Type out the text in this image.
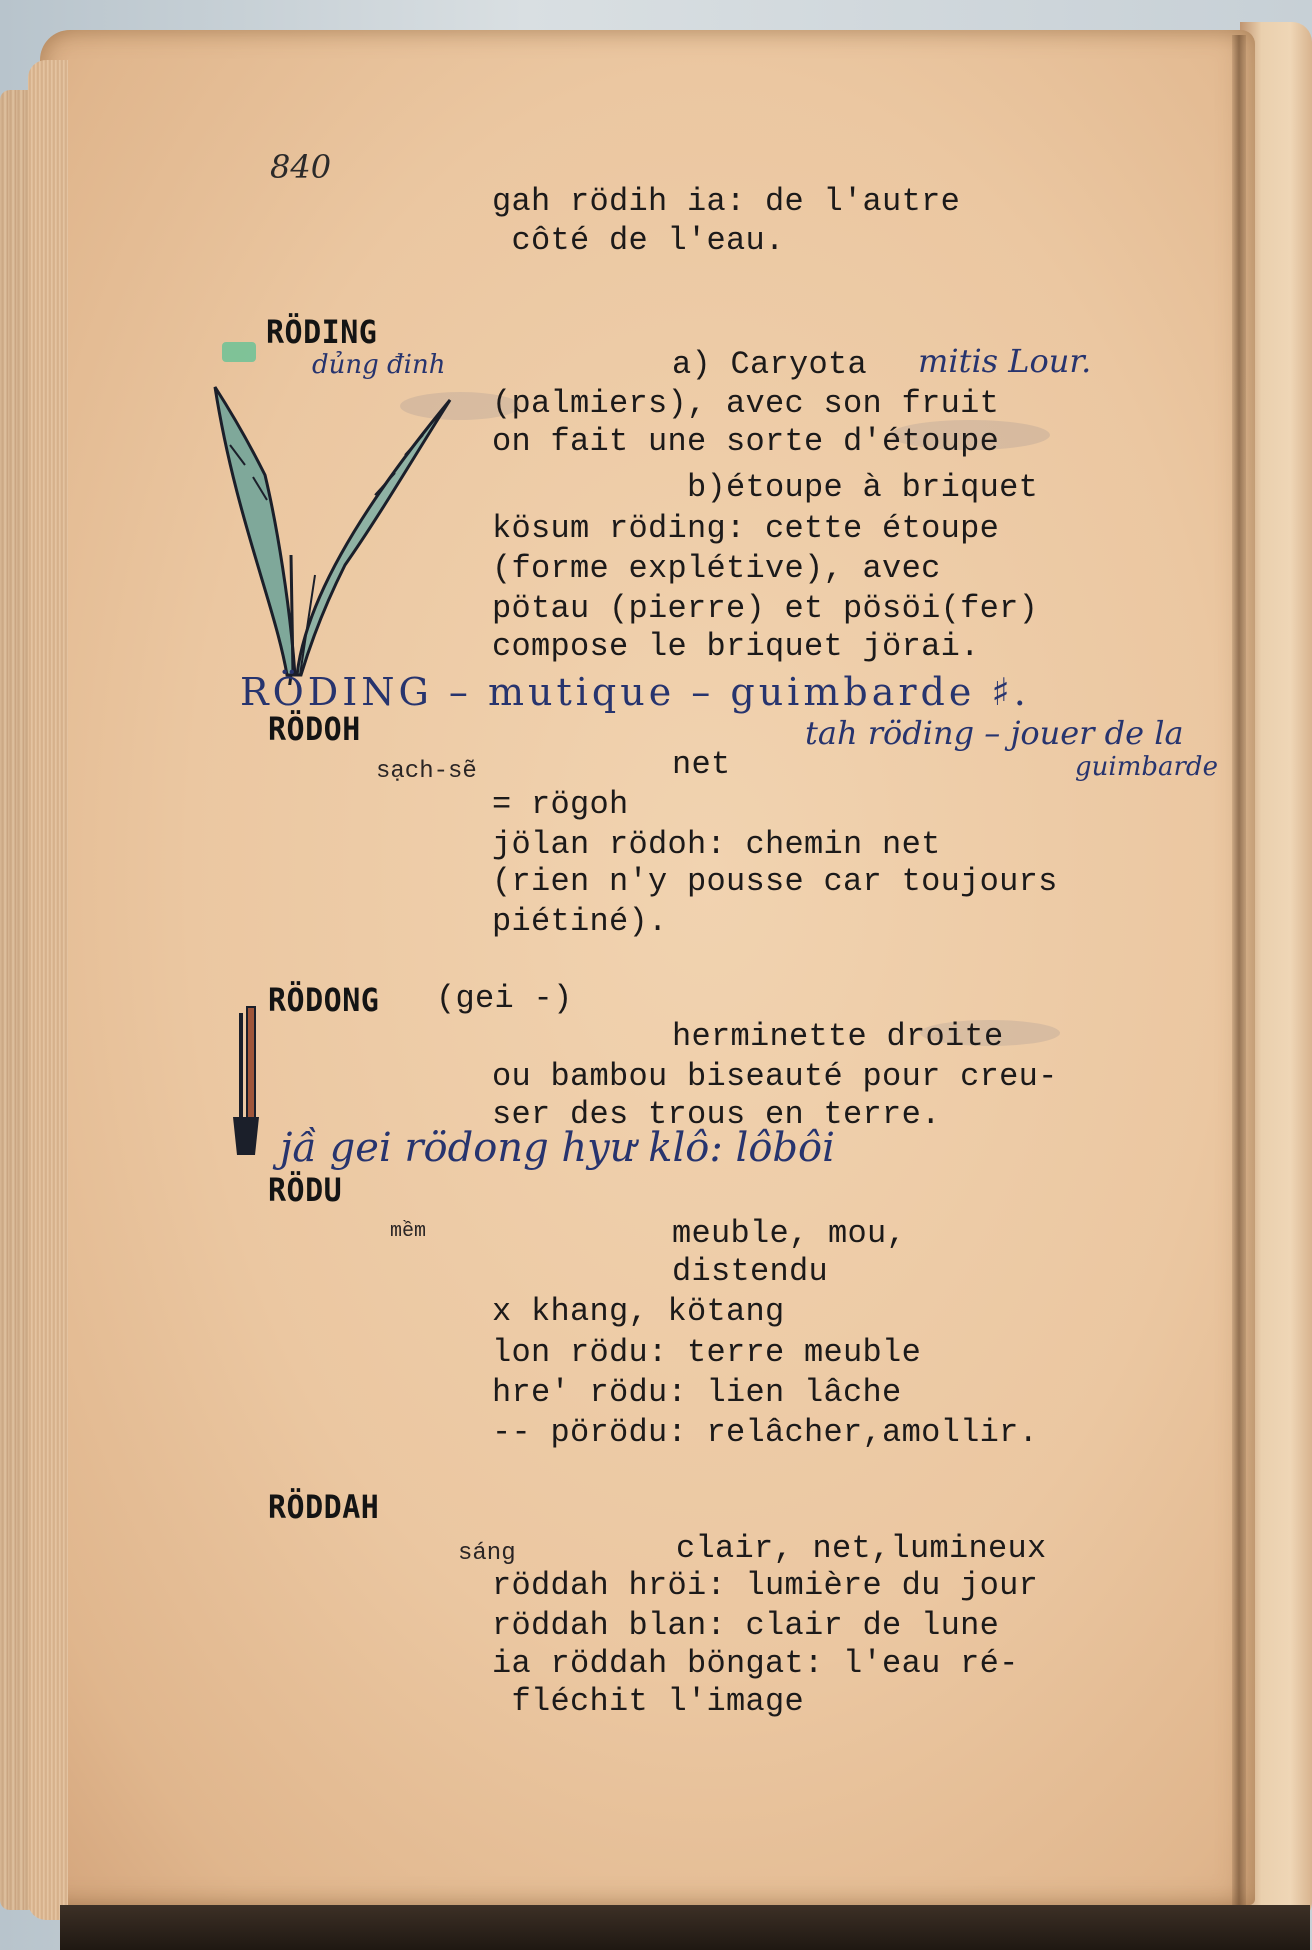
840
gah rödih ia: de l'autre
côté de l'eau.
RÖDING
dủng đinh	a) Caryota mitis Lour.
(palmiers), avec son fruit
on fait une sorte d'étoupe
b)étoupe à briquet
kösum röding: cette étoupe
(forme explétive), avec
pötau (pierre) et pösöi(fer)
compose le briquet jörai.
RÖDING – mutique – guimbarde ♯.
tah röding – jouer de la
guimbarde
RÖDOH
sạch-sẽ	net
= rögoh
jölan rödoh: chemin net
(rien n'y pousse car toujours
piétiné).
RÖDONG (gei -)
herminette droite
ou bambou biseauté pour creu-
ser des trous en terre.
jầ gei rödong hyư klô: lôbôi
RÖDU
mềm	meuble, mou,
distendu
x khang, kötang
lon rödu: terre meuble
hre' rödu: lien lâche
-- pörödu: relâcher,amollir.
RÖDDAH
sáng	clair, net,lumineux
röddah hröi: lumière du jour
röddah blan: clair de lune
ia röddah böngat: l'eau ré-
fléchit l'image
